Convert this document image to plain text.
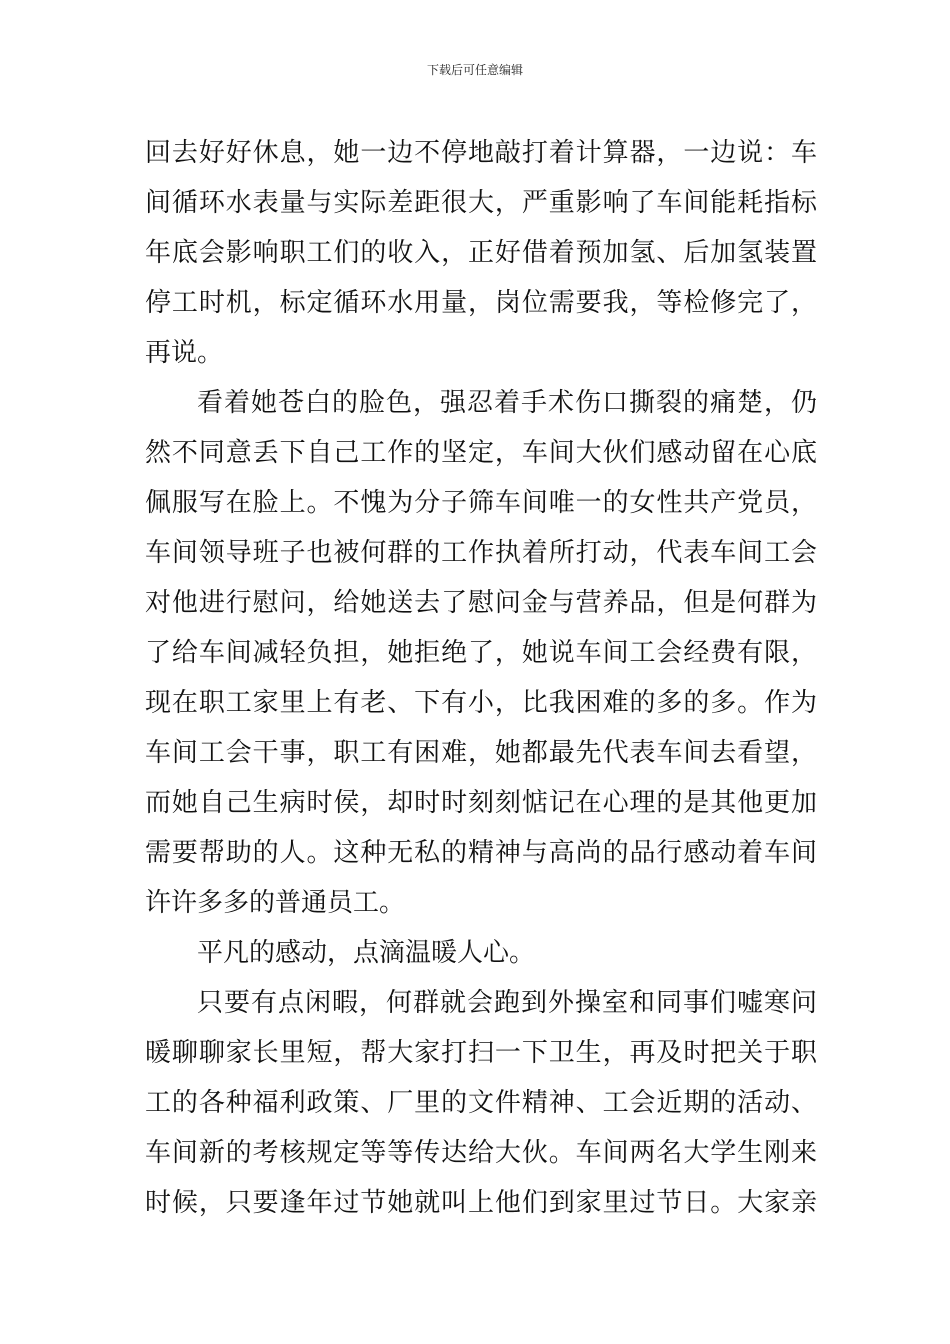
下载后可任意编辑
回去好好休息，她一边不停地敲打着计算器，一边说：车
间循环水表量与实际差距很大，严重影响了车间能耗指标
年底会影响职工们的收入，正好借着预加氢、后加氢装置
停工时机，标定循环水用量，岗位需要我，等检修完了，
再说。
看着她苍白的脸色，强忍着手术伤口撕裂的痛楚，仍
然不同意丢下自己工作的坚定，车间大伙们感动留在心底
佩服写在脸上。不愧为分子筛车间唯一的女性共产党员，
车间领导班子也被何群的工作执着所打动，代表车间工会
对他进行慰问，给她送去了慰问金与营养品，但是何群为
了给车间减轻负担，她拒绝了，她说车间工会经费有限，
现在职工家里上有老、下有小，比我困难的多的多。作为
车间工会干事，职工有困难，她都最先代表车间去看望，
而她自己生病时侯，却时时刻刻惦记在心理的是其他更加
需要帮助的人。这种无私的精神与高尚的品行感动着车间
许许多多的普通员工。
平凡的感动，点滴温暖人心。
只要有点闲暇，何群就会跑到外操室和同事们嘘寒问
暖聊聊家长里短，帮大家打扫一下卫生，再及时把关于职
工的各种福利政策、厂里的文件精神、工会近期的活动、
车间新的考核规定等等传达给大伙。车间两名大学生刚来
时候，只要逢年过节她就叫上他们到家里过节日。大家亲
